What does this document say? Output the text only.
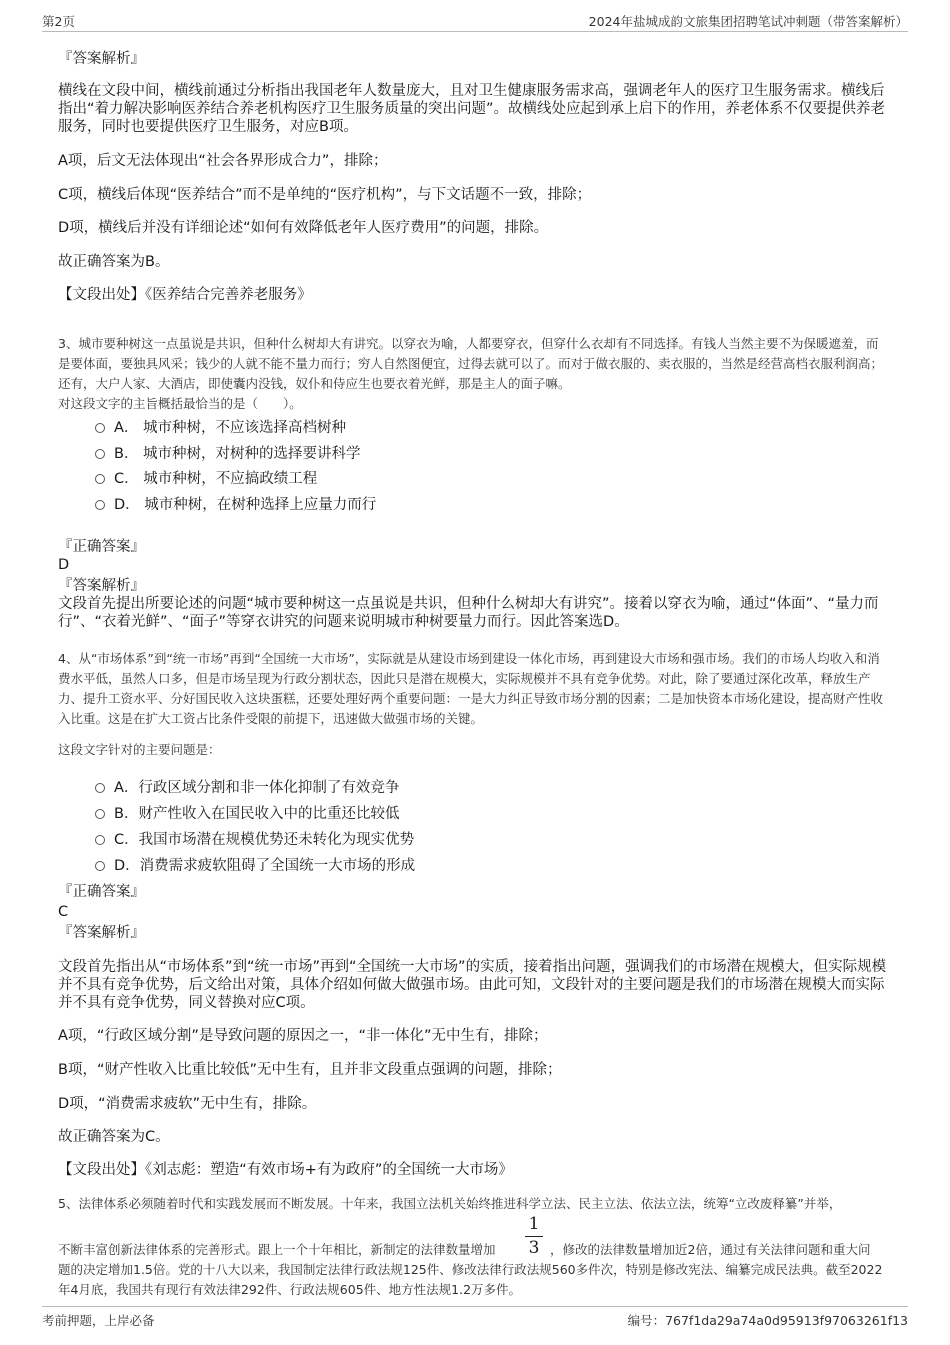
第2页	2024年盐城成韵文旅集团招聘笔试冲刺题（带答案解析）
『答案解析』
横线在文段中间，横线前通过分析指出我国老年人数量庞大，且对卫生健康服务需求高，强调老年人的医疗卫生服务需求。横线后指出“着力解决影响医养结合养老机构医疗卫生服务质量的突出问题”。故横线处应起到承上启下的作用，养老体系不仅要提供养老服务，同时也要提供医疗卫生服务，对应B项。
A项，后文无法体现出“社会各界形成合力”，排除；
C项，横线后体现“医养结合”而不是单纯的“医疗机构”，与下文话题不一致，排除；
D项，横线后并没有详细论述“如何有效降低老年人医疗费用”的问题，排除。
故正确答案为B。
【文段出处】《医养结合完善养老服务》
3、城市要种树这一点虽说是共识，但种什么树却大有讲究。以穿衣为喻，人都要穿衣，但穿什么衣却有不同选择。有钱人当然主要不为保暖遮羞，而是要体面，要独具风采；钱少的人就不能不量力而行；穷人自然图便宜，过得去就可以了。而对于做衣服的、卖衣服的，当然是经营高档衣服利润高；还有，大户人家、大酒店，即使囊内没钱，奴仆和侍应生也要衣着光鲜，那是主人的面子嘛。
对这段文字的主旨概括最恰当的是（　　）。
A． 城市种树，不应该选择高档树种
B． 城市种树，对树种的选择要讲科学
C． 城市种树，不应搞政绩工程
D． 城市种树，在树种选择上应量力而行
『正确答案』
D
『答案解析』
文段首先提出所要论述的问题“城市要种树这一点虽说是共识，但种什么树却大有讲究”。接着以穿衣为喻，通过“体面”、“量力而行”、“衣着光鲜”、“面子”等穿衣讲究的问题来说明城市种树要量力而行。因此答案选D。
4、从“市场体系”到“统一市场”再到“全国统一大市场”，实际就是从建设市场到建设一体化市场，再到建设大市场和强市场。我们的市场人均收入和消费水平低，虽然人口多，但是市场呈现为行政分割状态，因此只是潜在规模大，实际规模并不具有竞争优势。对此，除了要通过深化改革，释放生产力、提升工资水平、分好国民收入这块蛋糕，还要处理好两个重要问题：一是大力纠正导致市场分割的因素；二是加快资本市场化建设，提高财产性收入比重。这是在扩大工资占比条件受限的前提下，迅速做大做强市场的关键。
这段文字针对的主要问题是：
A．行政区域分割和非一体化抑制了有效竞争
B．财产性收入在国民收入中的比重还比较低
C．我国市场潜在规模优势还未转化为现实优势
D．消费需求疲软阻碍了全国统一大市场的形成
『正确答案』
C
『答案解析』
文段首先指出从“市场体系”到“统一市场”再到“全国统一大市场”的实质，接着指出问题，强调我们的市场潜在规模大，但实际规模并不具有竞争优势，后文给出对策，具体介绍如何做大做强市场。由此可知，文段针对的主要问题是我们的市场潜在规模大而实际并不具有竞争优势，同义替换对应C项。
A项，“行政区域分割”是导致问题的原因之一，“非一体化”无中生有，排除；
B项，“财产性收入比重比较低”无中生有，且并非文段重点强调的问题，排除；
D项，“消费需求疲软”无中生有，排除。
故正确答案为C。
【文段出处】《刘志彪：塑造“有效市场+有为政府”的全国统一大市场》
5、法律体系必须随着时代和实践发展而不断发展。十年来，我国立法机关始终推进科学立法、民主立法、依法立法，统筹“立改废释纂”并举，
1
3
不断丰富创新法律体系的完善形式。跟上一个十年相比，新制定的法律数量增加	，修改的法律数量增加近2倍，通过有关法律问题和重大问
题的决定增加1.5倍。党的十八大以来，我国制定法律行政法规125件、修改法律行政法规560多件次，特别是修改宪法、编纂完成民法典。截至2022年4月底，我国共有现行有效法律292件、行政法规605件、地方性法规1.2万多件。
考前押题，上岸必备	编号：767f1da29a74a0d95913f97063261f13
